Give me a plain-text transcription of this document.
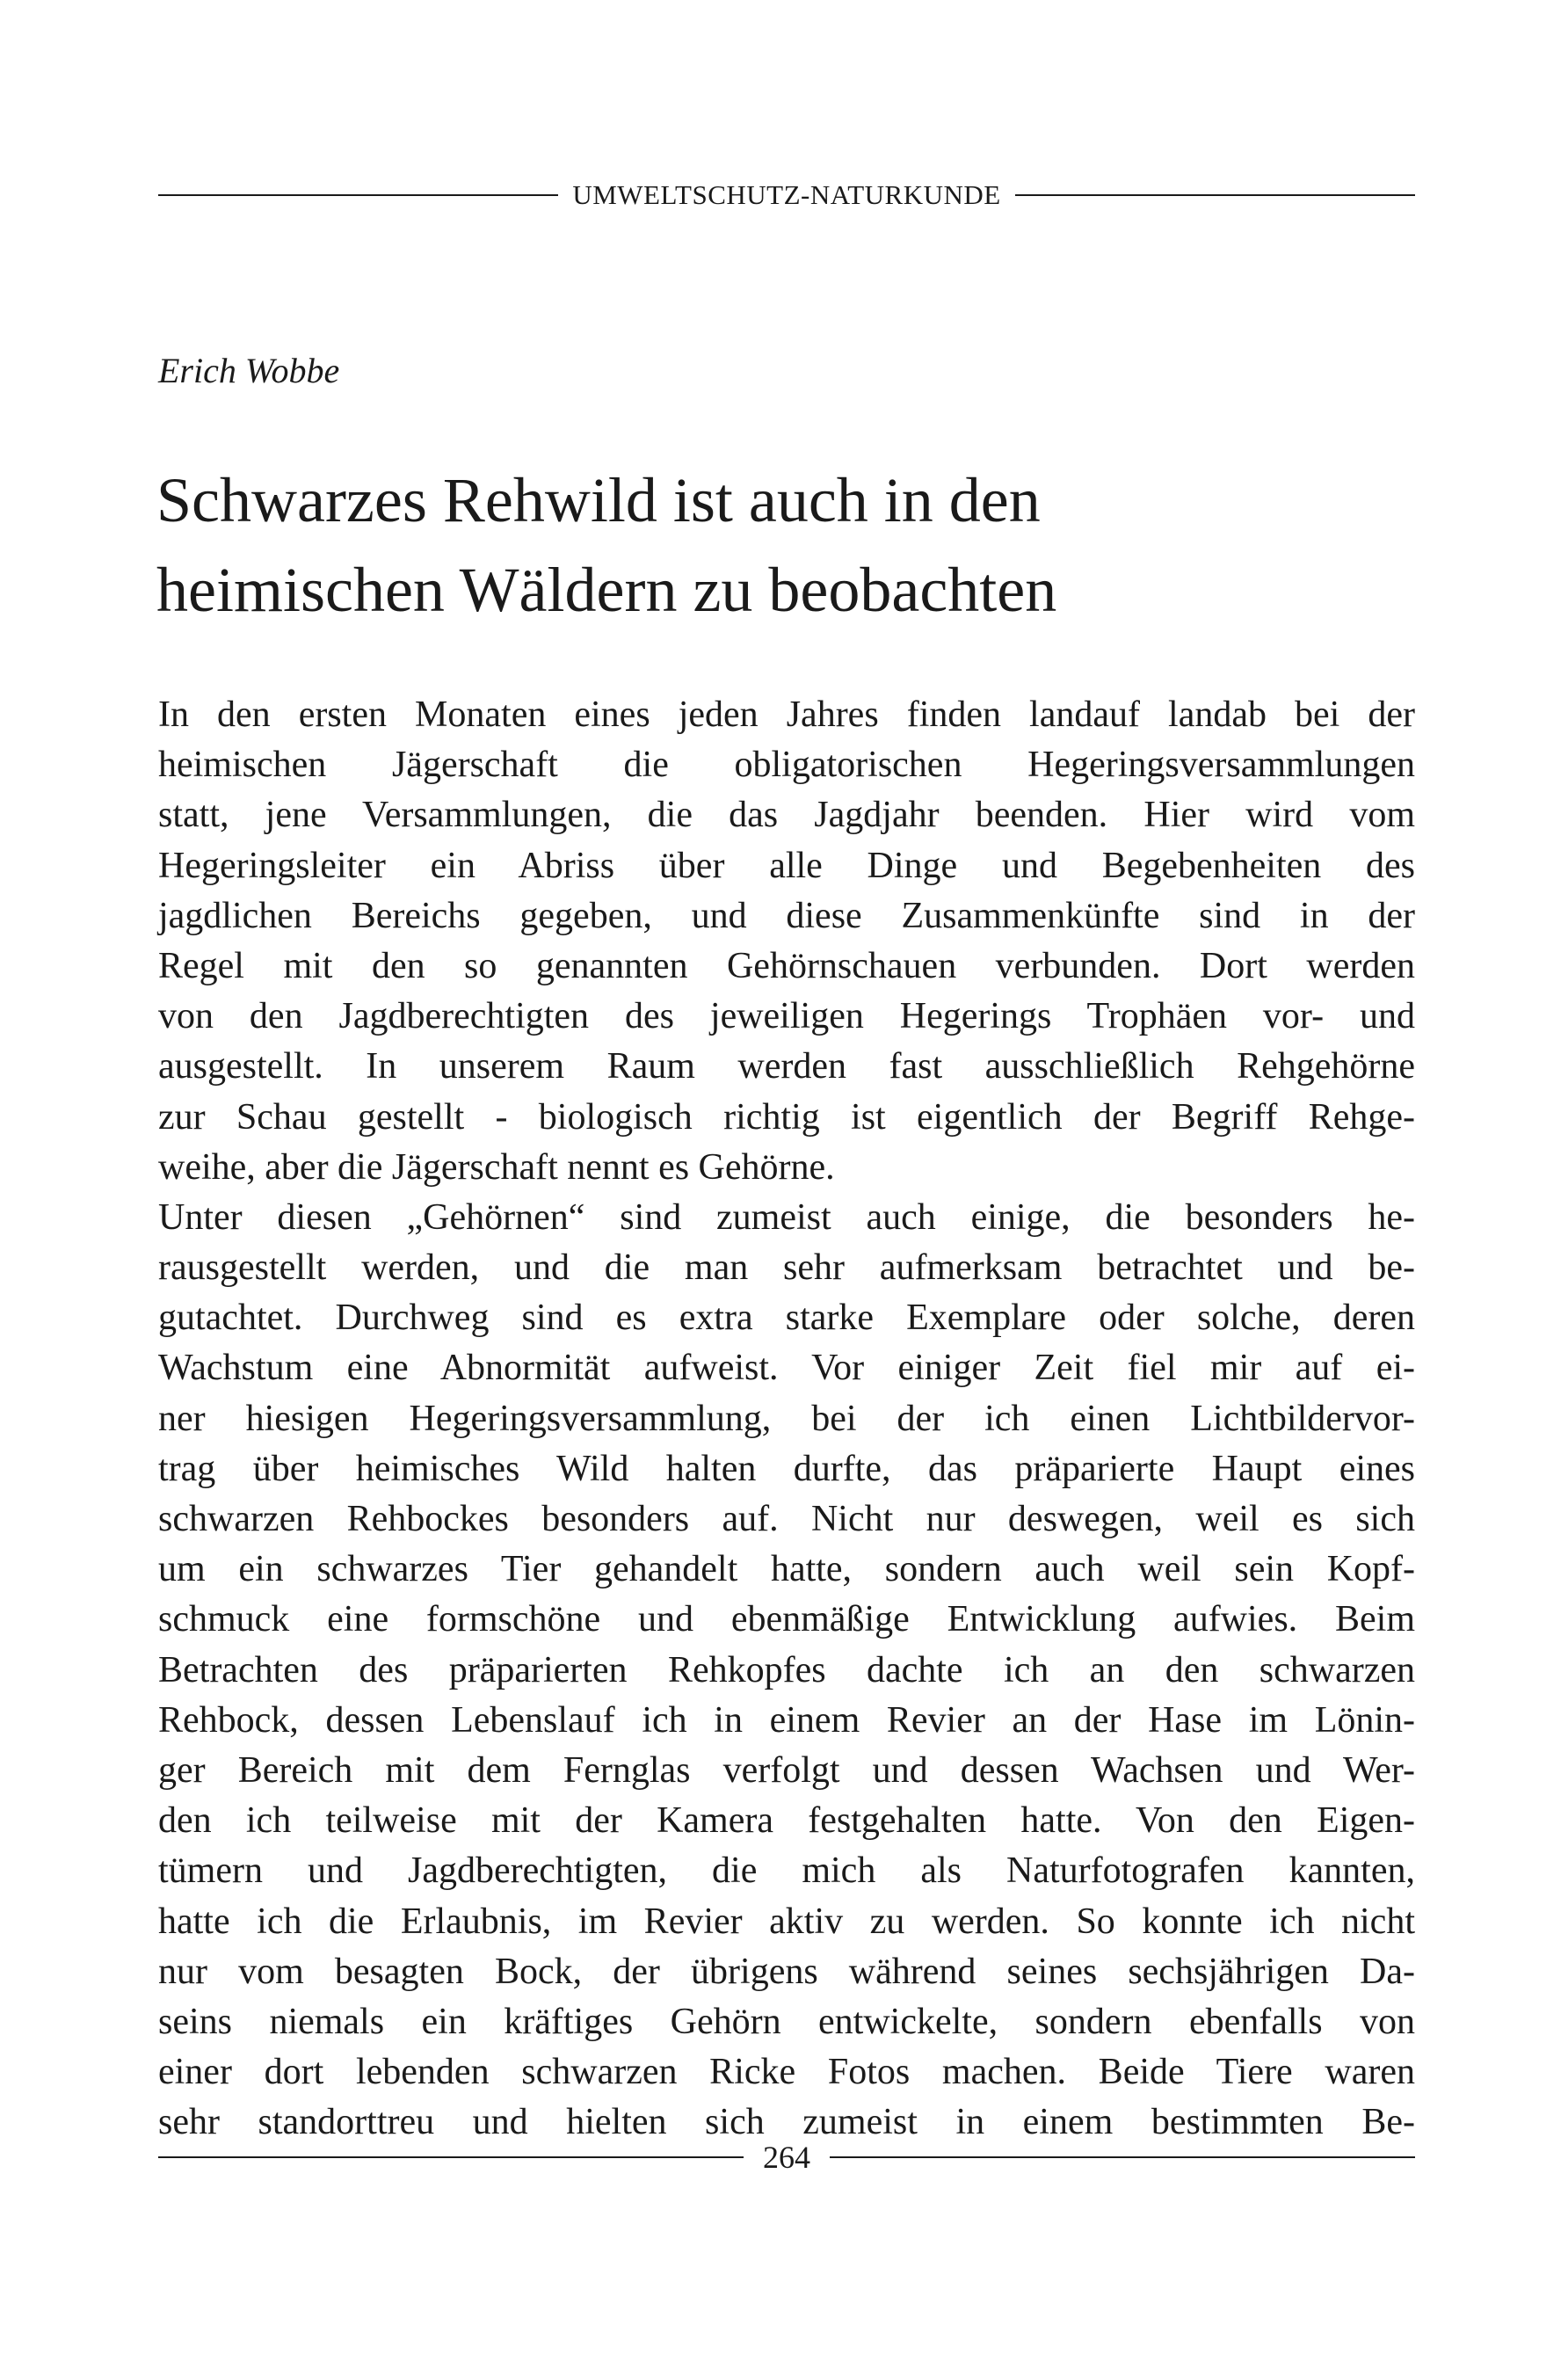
UMWELTSCHUTZ-NATURKUNDE
Erich Wobbe
Schwarzes Rehwild ist auch in den
heimischen Wäldern zu beobachten
In den ersten Monaten eines jeden Jahres finden landauf landab bei der
heimischen Jägerschaft die obligatorischen Hegeringsversammlungen
statt, jene Versammlungen, die das Jagdjahr beenden. Hier wird vom
Hegeringsleiter ein Abriss über alle Dinge und Begebenheiten des
jagdlichen Bereichs gegeben, und diese Zusammenkünfte sind in der
Regel mit den so genannten Gehörnschauen verbunden. Dort werden
von den Jagdberechtigten des jeweiligen Hegerings Trophäen vor- und
ausgestellt. In unserem Raum werden fast ausschließlich Rehgehörne
zur Schau gestellt - biologisch richtig ist eigentlich der Begriff Rehge-
weihe, aber die Jägerschaft nennt es Gehörne.
Unter diesen „Gehörnen“ sind zumeist auch einige, die besonders he-
rausgestellt werden, und die man sehr aufmerksam betrachtet und be-
gutachtet. Durchweg sind es extra starke Exemplare oder solche, deren
Wachstum eine Abnormität aufweist. Vor einiger Zeit fiel mir auf ei-
ner hiesigen Hegeringsversammlung, bei der ich einen Lichtbildervor-
trag über heimisches Wild halten durfte, das präparierte Haupt eines
schwarzen Rehbockes besonders auf. Nicht nur deswegen, weil es sich
um ein schwarzes Tier gehandelt hatte, sondern auch weil sein Kopf-
schmuck eine formschöne und ebenmäßige Entwicklung aufwies. Beim
Betrachten des präparierten Rehkopfes dachte ich an den schwarzen
Rehbock, dessen Lebenslauf ich in einem Revier an der Hase im Lönin-
ger Bereich mit dem Fernglas verfolgt und dessen Wachsen und Wer-
den ich teilweise mit der Kamera festgehalten hatte. Von den Eigen-
tümern und Jagdberechtigten, die mich als Naturfotografen kannten,
hatte ich die Erlaubnis, im Revier aktiv zu werden. So konnte ich nicht
nur vom besagten Bock, der übrigens während seines sechsjährigen Da-
seins niemals ein kräftiges Gehörn entwickelte, sondern ebenfalls von
einer dort lebenden schwarzen Ricke Fotos machen. Beide Tiere waren
sehr standorttreu und hielten sich zumeist in einem bestimmten Be-
264
